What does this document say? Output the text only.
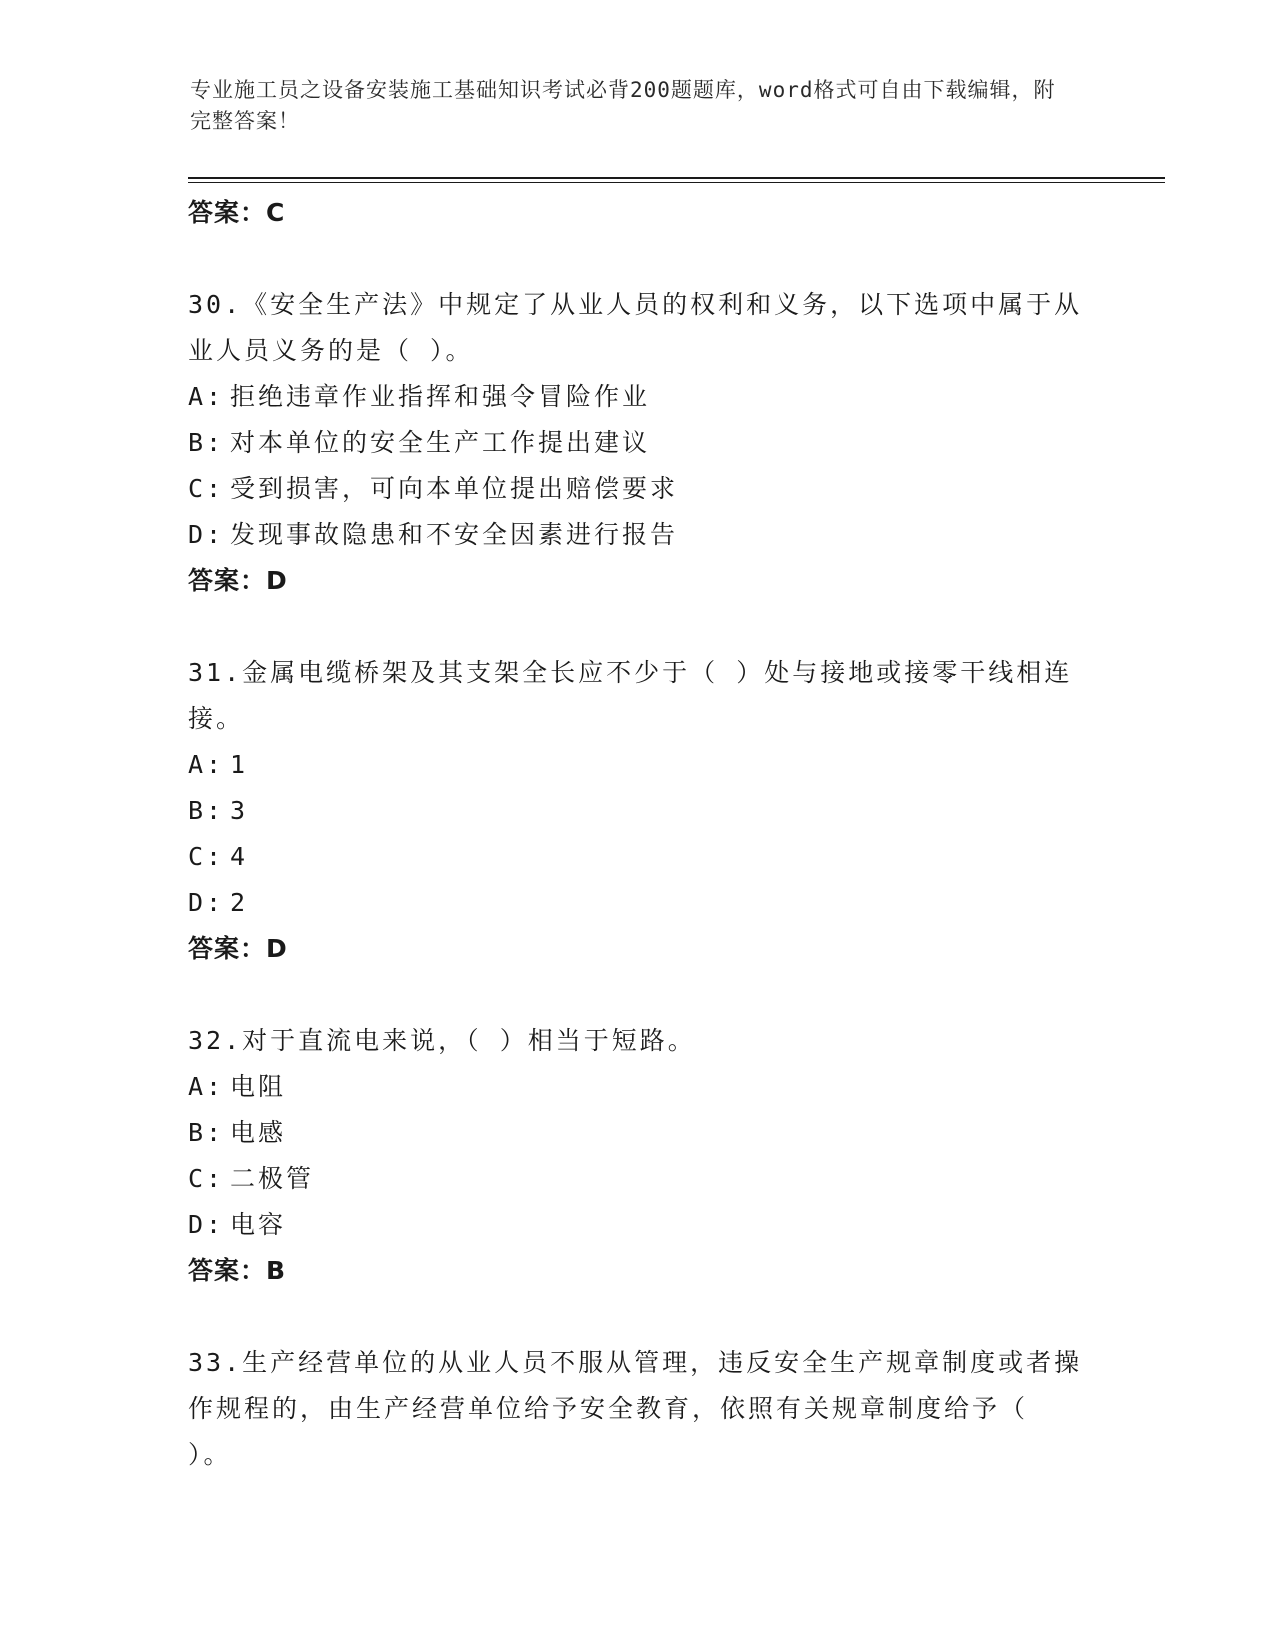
专业施工员之设备安装施工基础知识考试必背200题题库，word格式可自由下载编辑，附完整答案！

答案：C

30.《安全生产法》中规定了从业人员的权利和义务，以下选项中属于从业人员义务的是（ ）。

A: 拒绝违章作业指挥和强令冒险作业

B: 对本单位的安全生产工作提出建议

C: 受到损害，可向本单位提出赔偿要求

D: 发现事故隐患和不安全因素进行报告

答案：D

31.金属电缆桥架及其支架全长应不少于（ ）处与接地或接零干线相连接。

A: 1

B: 3

C: 4

D: 2

答案：D

32.对于直流电来说，（ ）相当于短路。

A: 电阻

B: 电感

C: 二极管

D: 电容

答案：B

33.生产经营单位的从业人员不服从管理，违反安全生产规章制度或者操作规程的，由生产经营单位给予安全教育，依照有关规章制度给予（ ）。
